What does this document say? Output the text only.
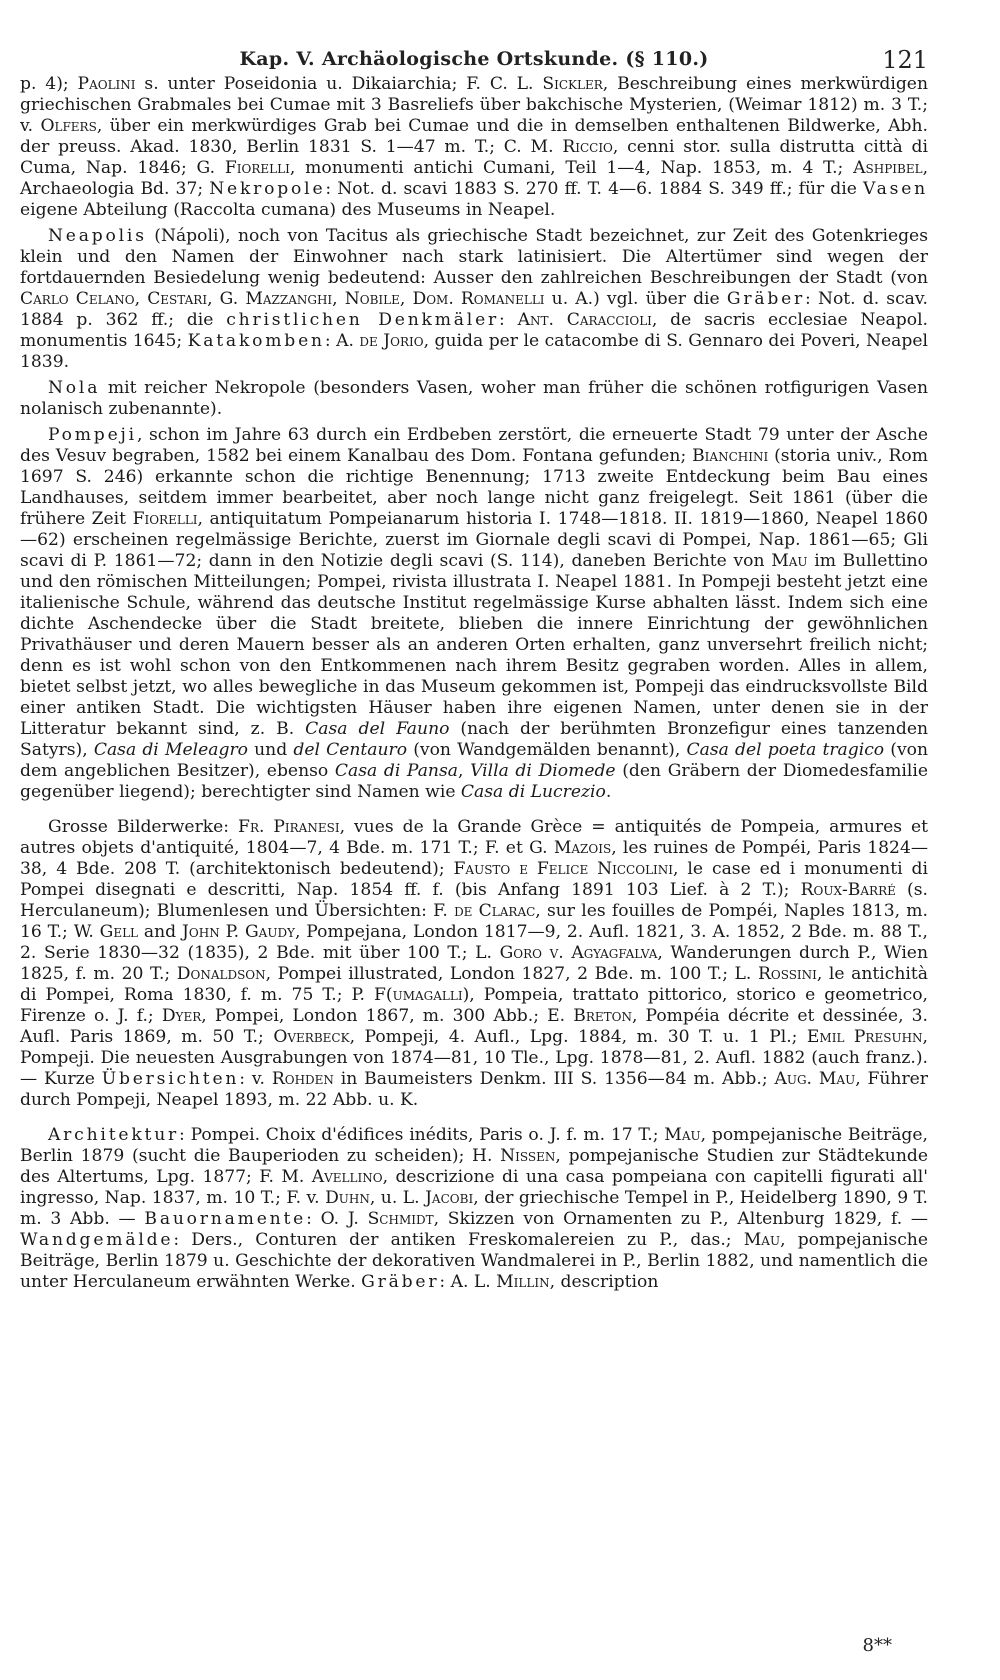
Kap. V. Archäologische Ortskunde. (§ 110.)	121

p. 4); Paolini s. unter Poseidonia u. Dikaiarchia; F. C. L. Sickler, Beschreibung eines merkwürdigen griechischen Grabmales bei Cumae mit 3 Basreliefs über bakchische Mysterien, (Weimar 1812) m. 3 T.; v. Olfers, über ein merkwürdiges Grab bei Cumae und die in demselben enthaltenen Bildwerke, Abh. der preuss. Akad. 1830, Berlin 1831 S. 1—47 m. T.; C. M. Riccio, cenni stor. sulla distrutta città di Cuma, Nap. 1846; G. Fiorelli, monumenti antichi Cumani, Teil 1—4, Nap. 1853, m. 4 T.; Ashpibel, Archaeologia Bd. 37; Nekropole: Not. d. scavi 1883 S. 270 ff. T. 4—6. 1884 S. 349 ff.; für die Vasen eigene Abteilung (Raccolta cumana) des Museums in Neapel.

Neapolis (Nápoli), noch von Tacitus als griechische Stadt bezeichnet, zur Zeit des Gotenkrieges klein und den Namen der Einwohner nach stark latinisiert. Die Altertümer sind wegen der fortdauernden Besiedelung wenig bedeutend: Ausser den zahlreichen Beschreibungen der Stadt (von Carlo Celano, Cestari, G. Mazzanghi, Nobile, Dom. Romanelli u. A.) vgl. über die Gräber: Not. d. scav. 1884 p. 362 ff.; die christlichen Denkmäler: Ant. Caraccioli, de sacris ecclesiae Neapol. monumentis 1645; Katakomben: A. de Jorio, guida per le catacombe di S. Gennaro dei Poveri, Neapel 1839.

Nola mit reicher Nekropole (besonders Vasen, woher man früher die schönen rotfigurigen Vasen nolanisch zubenannte).

Pompeji, schon im Jahre 63 durch ein Erdbeben zerstört, die erneuerte Stadt 79 unter der Asche des Vesuv begraben, 1582 bei einem Kanalbau des Dom. Fontana gefunden; Bianchini (storia univ., Rom 1697 S. 246) erkannte schon die richtige Benennung; 1713 zweite Entdeckung beim Bau eines Landhauses, seitdem immer bearbeitet, aber noch lange nicht ganz freigelegt. Seit 1861 (über die frühere Zeit Fiorelli, antiquitatum Pompeianarum historia I. 1748—1818. II. 1819—1860, Neapel 1860—62) erscheinen regelmässige Berichte, zuerst im Giornale degli scavi di Pompei, Nap. 1861—65; Gli scavi di P. 1861—72; dann in den Notizie degli scavi (S. 114), daneben Berichte von Mau im Bullettino und den römischen Mitteilungen; Pompei, rivista illustrata I. Neapel 1881. In Pompeji besteht jetzt eine italienische Schule, während das deutsche Institut regelmässige Kurse abhalten lässt. Indem sich eine dichte Aschendecke über die Stadt breitete, blieben die innere Einrichtung der gewöhnlichen Privathäuser und deren Mauern besser als an anderen Orten erhalten, ganz unversehrt freilich nicht; denn es ist wohl schon von den Entkommenen nach ihrem Besitz gegraben worden. Alles in allem, bietet selbst jetzt, wo alles bewegliche in das Museum gekommen ist, Pompeji das eindrucksvollste Bild einer antiken Stadt. Die wichtigsten Häuser haben ihre eigenen Namen, unter denen sie in der Litteratur bekannt sind, z. B. Casa del Fauno (nach der berühmten Bronzefigur eines tanzenden Satyrs), Casa di Meleagro und del Centauro (von Wandgemälden benannt), Casa del poeta tragico (von dem angeblichen Besitzer), ebenso Casa di Pansa, Villa di Diomede (den Gräbern der Diomedesfamilie gegenüber liegend); berechtigter sind Namen wie Casa di Lucrezio.

Grosse Bilderwerke: Fr. Piranesi, vues de la Grande Grèce = antiquités de Pompeia, armures et autres objets d'antiquité, 1804—7, 4 Bde. m. 171 T.; F. et G. Mazois, les ruines de Pompéi, Paris 1824—38, 4 Bde. 208 T. (architektonisch bedeutend); Fausto e Felice Niccolini, le case ed i monumenti di Pompei disegnati e descritti, Nap. 1854 ff. f. (bis Anfang 1891 103 Lief. à 2 T.); Roux-Barré (s. Herculaneum); Blumenlesen und Übersichten: F. de Clarac, sur les fouilles de Pompéi, Naples 1813, m. 16 T.; W. Gell and John P. Gaudy, Pompejana, London 1817—9, 2. Aufl. 1821, 3. A. 1852, 2 Bde. m. 88 T., 2. Serie 1830—32 (1835), 2 Bde. mit über 100 T.; L. Goro v. Agyagfalva, Wanderungen durch P., Wien 1825, f. m. 20 T.; Donaldson, Pompei illustrated, London 1827, 2 Bde. m. 100 T.; L. Rossini, le antichità di Pompei, Roma 1830, f. m. 75 T.; P. F(umagalli), Pompeia, trattato pittorico, storico e geometrico, Firenze o. J. f.; Dyer, Pompei, London 1867, m. 300 Abb.; E. Breton, Pompéia décrite et dessinée, 3. Aufl. Paris 1869, m. 50 T.; Overbeck, Pompeji, 4. Aufl., Lpg. 1884, m. 30 T. u. 1 Pl.; Emil Presuhn, Pompeji. Die neuesten Ausgrabungen von 1874—81, 10 Tle., Lpg. 1878—81, 2. Aufl. 1882 (auch franz.). — Kurze Übersichten: v. Rohden in Baumeisters Denkm. III S. 1356—84 m. Abb.; Aug. Mau, Führer durch Pompeji, Neapel 1893, m. 22 Abb. u. K.

Architektur: Pompei. Choix d'édifices inédits, Paris o. J. f. m. 17 T.; Mau, pompejanische Beiträge, Berlin 1879 (sucht die Bauperioden zu scheiden); H. Nissen, pompejanische Studien zur Städtekunde des Altertums, Lpg. 1877; F. M. Avellino, descrizione di una casa pompeiana con capitelli figurati all' ingresso, Nap. 1837, m. 10 T.; F. v. Duhn, u. L. Jacobi, der griechische Tempel in P., Heidelberg 1890, 9 T. m. 3 Abb. — Bauornamente: O. J. Schmidt, Skizzen von Ornamenten zu P., Altenburg 1829, f. — Wandgemälde: Ders., Conturen der antiken Freskomalereien zu P., das.; Mau, pompejanische Beiträge, Berlin 1879 u. Geschichte der dekorativen Wandmalerei in P., Berlin 1882, und namentlich die unter Herculaneum erwähnten Werke. Gräber: A. L. Millin, description

8**
